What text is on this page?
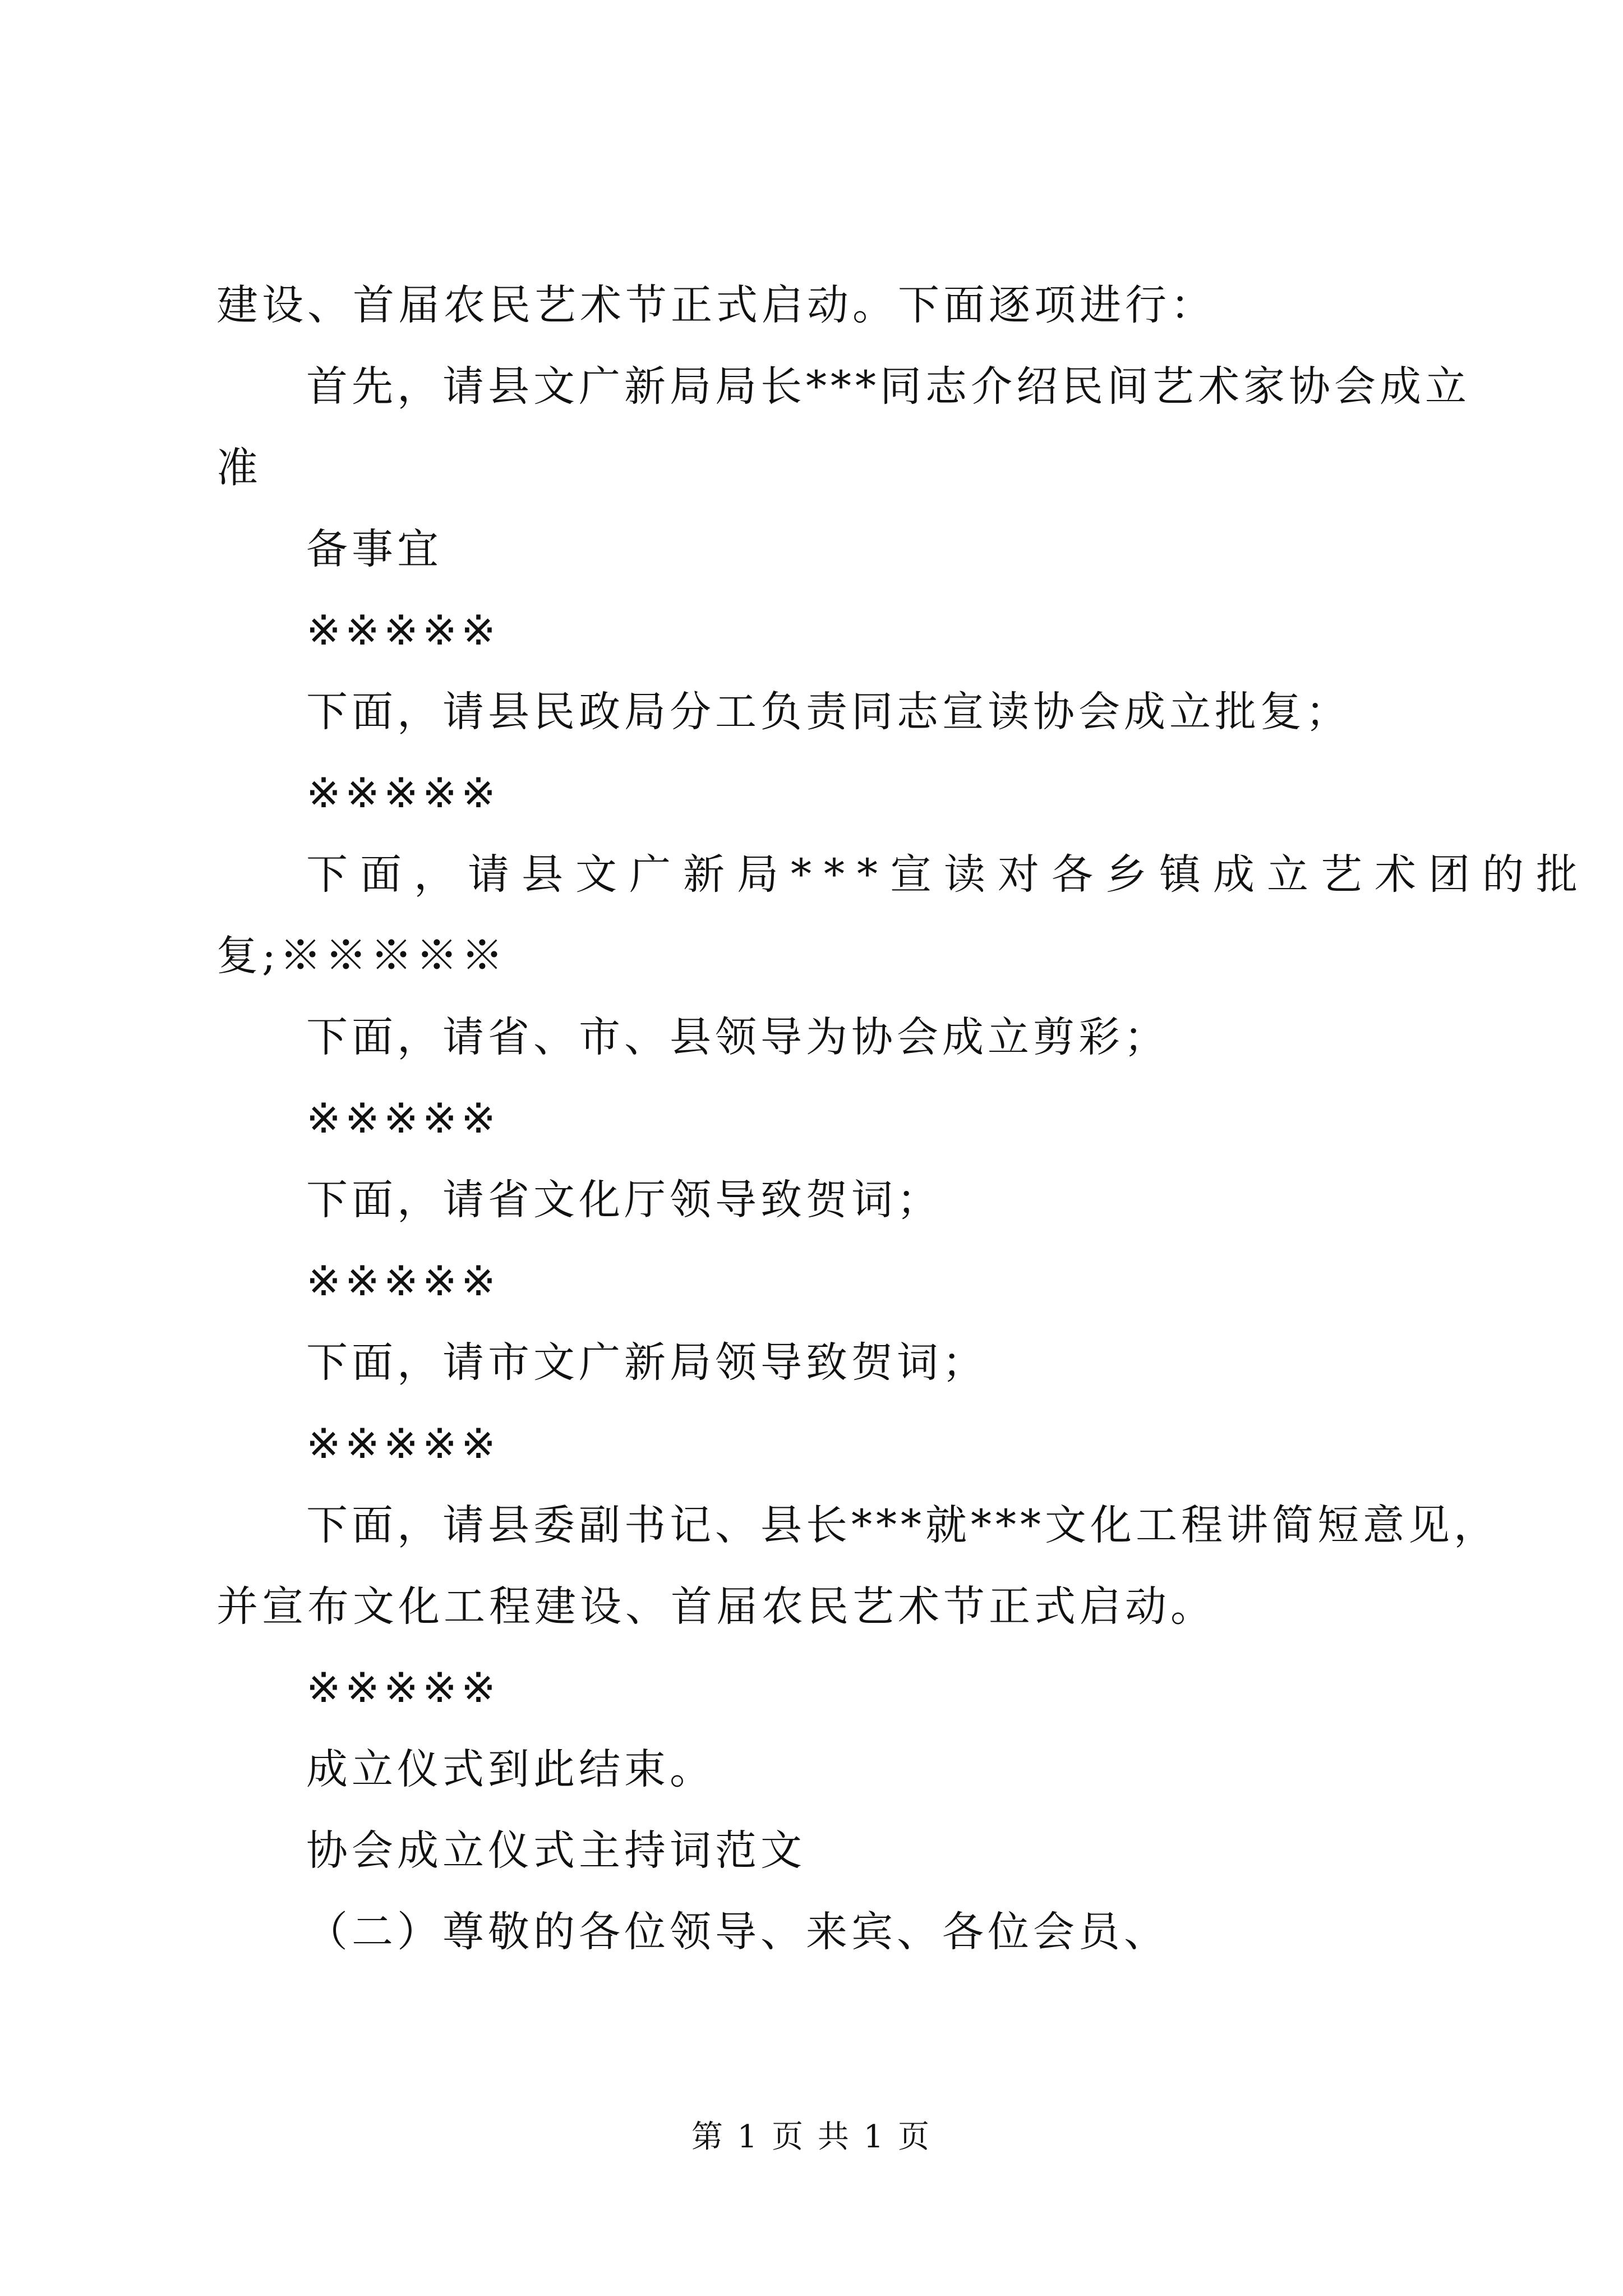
建设、首届农民艺术节正式启动。下面逐项进行：
首先，请县文广新局局长***同志介绍民间艺术家协会成立
准
备事宜
※※※※※
下面，请县民政局分工负责同志宣读协会成立批复；
※※※※※
下面，请县文广新局***宣读对各乡镇成立艺术团的批
复;※※※※※
下面，请省、市、县领导为协会成立剪彩；
※※※※※
下面，请省文化厅领导致贺词；
※※※※※
下面，请市文广新局领导致贺词；
※※※※※
下面，请县委副书记、县长***就***文化工程讲简短意见，
并宣布文化工程建设、首届农民艺术节正式启动。
※※※※※
成立仪式到此结束。
协会成立仪式主持词范文
（二）尊敬的各位领导、来宾、各位会员、
第 1 页 共 1 页
